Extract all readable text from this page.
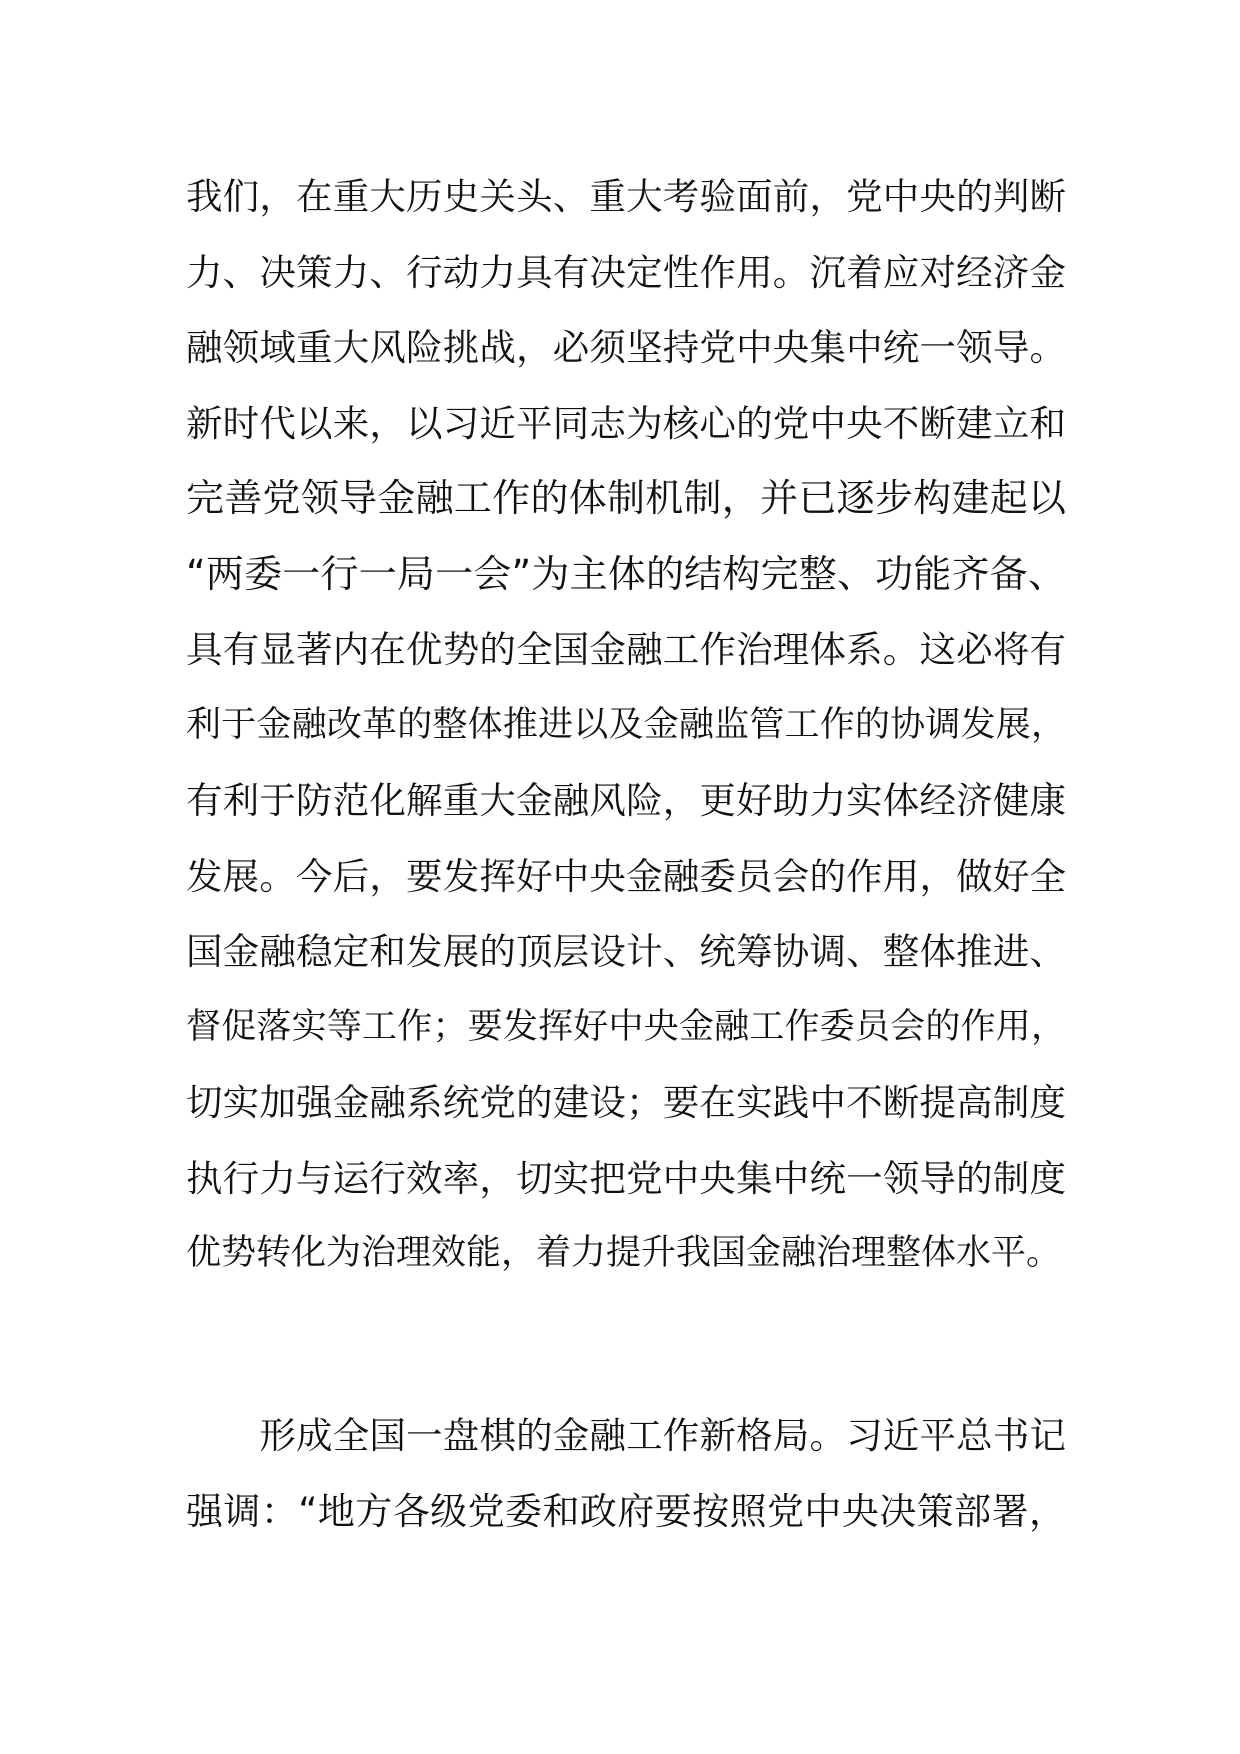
我们，在重大历史关头、重大考验面前，党中央的判断
力、决策力、行动力具有决定性作用。沉着应对经济金
融领域重大风险挑战，必须坚持党中央集中统一领导。
新时代以来，以习近平同志为核心的党中央不断建立和
完善党领导金融工作的体制机制，并已逐步构建起以
“两委一行一局一会”为主体的结构完整、功能齐备、
具有显著内在优势的全国金融工作治理体系。这必将有
利于金融改革的整体推进以及金融监管工作的协调发展，
有利于防范化解重大金融风险，更好助力实体经济健康
发展。今后，要发挥好中央金融委员会的作用，做好全
国金融稳定和发展的顶层设计、统筹协调、整体推进、
督促落实等工作；要发挥好中央金融工作委员会的作用，
切实加强金融系统党的建设；要在实践中不断提高制度
执行力与运行效率，切实把党中央集中统一领导的制度
优势转化为治理效能，着力提升我国金融治理整体水平。
　　形成全国一盘棋的金融工作新格局。习近平总书记
强调：“地方各级党委和政府要按照党中央决策部署，
